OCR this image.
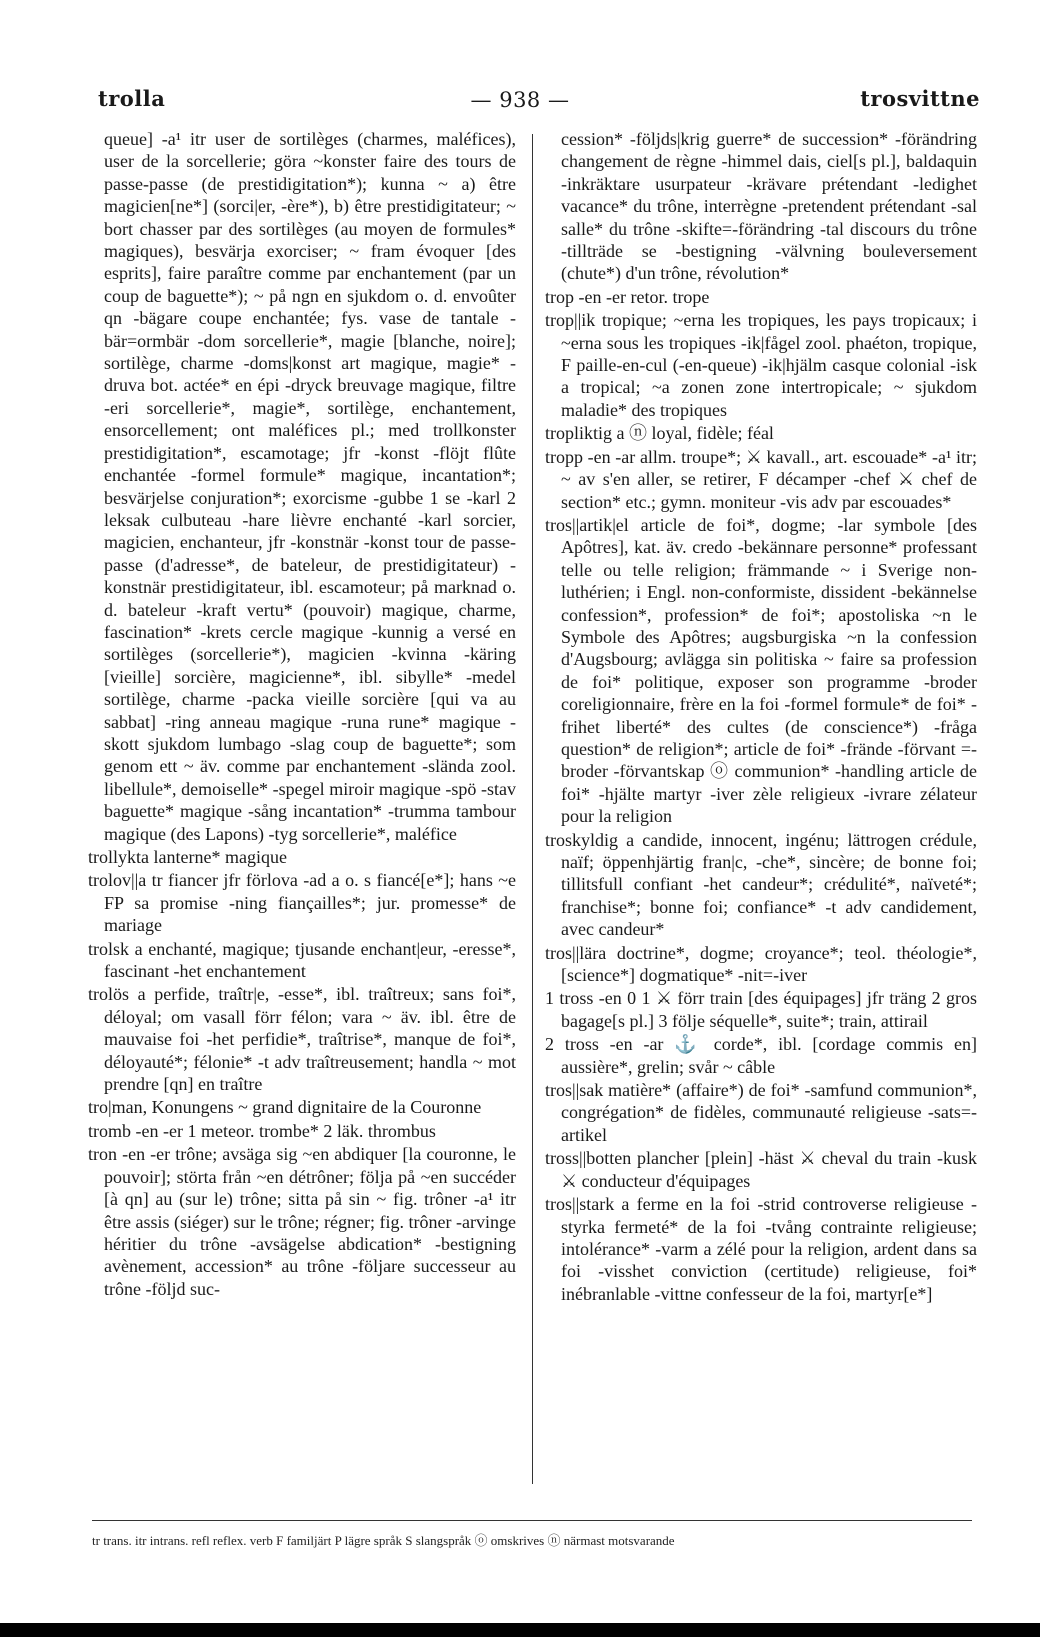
trolla	— 938 —	trosvittne

queue] -a¹ itr user de sortilèges (charmes, maléfices), user de la sorcellerie; göra ~konster faire des tours de passe-passe (de prestidigitation*); kunna ~ a) être magicien[ne*] (sorci|er, -ère*), b) être prestidigitateur; ~ bort chasser par des sortilèges (au moyen de formules* magiques), besvärja exorciser; ~ fram évoquer [des esprits], faire paraître comme par enchantement (par un coup de baguette*); ~ på ngn en sjukdom o. d. envoûter qn -bägare coupe enchantée; fys. vase de tantale -bär=ormbär -dom sorcellerie*, magie [blanche, noire]; sortilège, charme -doms|konst art magique, magie* -druva bot. actée* en épi -dryck breuvage magique, filtre -eri sorcellerie*, magie*, sortilège, enchantement, ensorcellement; ont maléfices pl.; med trollkonster prestidigitation*, escamotage; jfr -konst -flöjt flûte enchantée -formel formule* magique, incantation*; besvärjelse conjuration*; exorcisme -gubbe 1 se -karl 2 leksak culbuteau -hare lièvre enchanté -karl sorcier, magicien, enchanteur, jfr -konstnär -konst tour de passe-passe (d'adresse*, de bateleur, de prestidigitateur) -konstnär prestidigitateur, ibl. escamoteur; på marknad o. d. bateleur -kraft vertu* (pouvoir) magique, charme, fascination* -krets cercle magique -kunnig a versé en sortilèges (sorcellerie*), magicien -kvinna -käring [vieille] sorcière, magicienne*, ibl. sibylle* -medel sortilège, charme -packa vieille sorcière [qui va au sabbat] -ring anneau magique -runa rune* magique -skott sjukdom lumbago -slag coup de baguette*; som genom ett ~ äv. comme par enchantement -slända zool. libellule*, demoiselle* -spegel miroir magique -spö -stav baguette* magique -sång incantation* -trumma tambour magique (des Lapons) -tyg sorcellerie*, maléfice

trollykta lanterne* magique

trolov||a tr fiancer jfr förlova -ad a o. s fiancé[e*]; hans ~e FP sa promise -ning fiançailles*; jur. promesse* de mariage

trolsk a enchanté, magique; tjusande enchant|eur, -eresse*, fascinant -het enchantement

trolös a perfide, traîtr|e, -esse*, ibl. traîtreux; sans foi*, déloyal; om vasall förr félon; vara ~ äv. ibl. être de mauvaise foi -het perfidie*, traîtrise*, manque de foi*, déloyauté*; félonie* -t adv traîtreusement; handla ~ mot prendre [qn] en traître

tro|man, Konungens ~ grand dignitaire de la Couronne

tromb -en -er 1 meteor. trombe* 2 läk. thrombus

tron -en -er trône; avsäga sig ~en abdiquer [la couronne, le pouvoir]; störta från ~en détrôner; följa på ~en succéder [à qn] au (sur le) trône; sitta på sin ~ fig. trôner -a¹ itr être assis (siéger) sur le trône; régner; fig. trôner -arvinge héritier du trône -avsägelse abdication* -bestigning avènement, accession* au trône -följare successeur au trône -följd suc-

cession* -följds|krig guerre* de succession* -förändring changement de règne -himmel dais, ciel[s pl.], baldaquin -inkräktare usurpateur -krävare prétendant -ledighet vacance* du trône, interrègne -pretendent prétendant -sal salle* du trône -skifte=-förändring -tal discours du trône -tillträde se -bestigning -välvning bouleversement (chute*) d'un trône, révolution*

trop -en -er retor. trope

trop||ik tropique; ~erna les tropiques, les pays tropicaux; i ~erna sous les tropiques -ik|fågel zool. phaéton, tropique, F paille-en-cul (-en-queue) -ik|hjälm casque colonial -isk a tropical; ~a zonen zone intertropicale; ~ sjukdom maladie* des tropiques

tropliktig a ⓝ loyal, fidèle; féal

tropp -en -ar allm. troupe*; ⚔ kavall., art. escouade* -a¹ itr; ~ av s'en aller, se retirer, F décamper -chef ⚔ chef de section* etc.; gymn. moniteur -vis adv par escouades*

tros||artik|el article de foi*, dogme; -lar symbole [des Apôtres], kat. äv. credo -bekännare personne* professant telle ou telle religion; främmande ~ i Sverige non-luthérien; i Engl. non-conformiste, dissident -bekännelse confession*, profession* de foi*; apostoliska ~n le Symbole des Apôtres; augsburgiska ~n la confession d'Augsbourg; avlägga sin politiska ~ faire sa profession de foi* politique, exposer son programme -broder coreligionnaire, frère en la foi -formel formule* de foi* -frihet liberté* des cultes (de conscience*) -fråga question* de religion*; article de foi* -frände -förvant =-broder -förvantskap ⓞ communion* -handling article de foi* -hjälte martyr -iver zèle religieux -ivrare zélateur pour la religion

troskyldig a candide, innocent, ingénu; lättrogen crédule, naïf; öppenhjärtig fran|c, -che*, sincère; de bonne foi; tillitsfull confiant -het candeur*; crédulité*, naïveté*; franchise*; bonne foi; confiance* -t adv candidement, avec candeur*

tros||lära doctrine*, dogme; croyance*; teol. théologie*, [science*] dogmatique* -nit=-iver

1 tross -en 0 1 ⚔ förr train [des équipages] jfr träng 2 gros bagage[s pl.] 3 följe séquelle*, suite*; train, attirail

2 tross -en -ar ⚓ corde*, ibl. [cordage commis en] aussière*, grelin; svår ~ câble

tros||sak matière* (affaire*) de foi* -samfund communion*, congrégation* de fidèles, communauté religieuse -sats=-artikel

tross||botten plancher [plein] -häst ⚔ cheval du train -kusk ⚔ conducteur d'équipages

tros||stark a ferme en la foi -strid controverse religieuse -styrka fermeté* de la foi -tvång contrainte religieuse; intolérance* -varm a zélé pour la religion, ardent dans sa foi -visshet conviction (certitude) religieuse, foi* inébranlable -vittne confesseur de la foi, martyr[e*]

tr trans. itr intrans. refl reflex. verb F familjärt P lägre språk S slangspråk ⓞ omskrives ⓝ närmast motsvarande
